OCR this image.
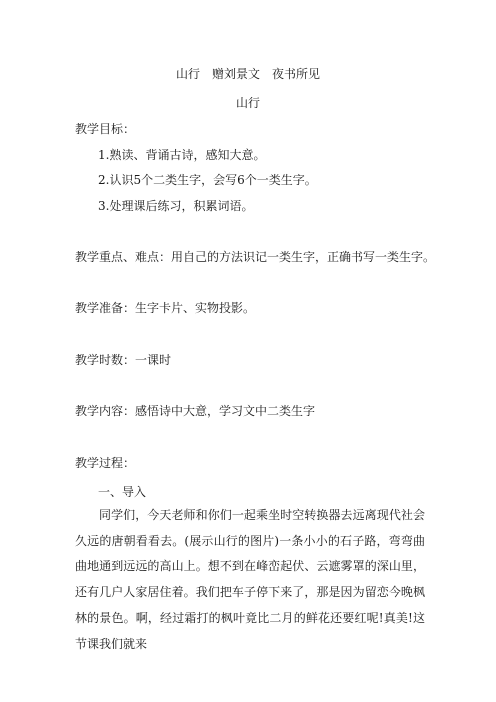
山行　赠刘景文　夜书所见
山行
教学目标：
1.熟读、背诵古诗，感知大意。
2.认识5个二类生字，会写6个一类生字。
3.处理课后练习，积累词语。
教学重点、难点：用自己的方法识记一类生字，正确书写一类生字。
教学准备：生字卡片、实物投影。
教学时数：一课时
教学内容：感悟诗中大意，学习文中二类生字
教学过程：
一、导入
同学们，今天老师和你们一起乘坐时空转换器去远离现代社会久远的唐朝看看去。(展示山行的图片)一条小小的石子路，弯弯曲曲地通到远远的高山上。想不到在峰峦起伏、云遮雾罩的深山里，还有几户人家居住着。我们把车子停下来了，那是因为留恋今晚枫林的景色。啊，经过霜打的枫叶竟比二月的鲜花还要红呢!真美!这节课我们就来
